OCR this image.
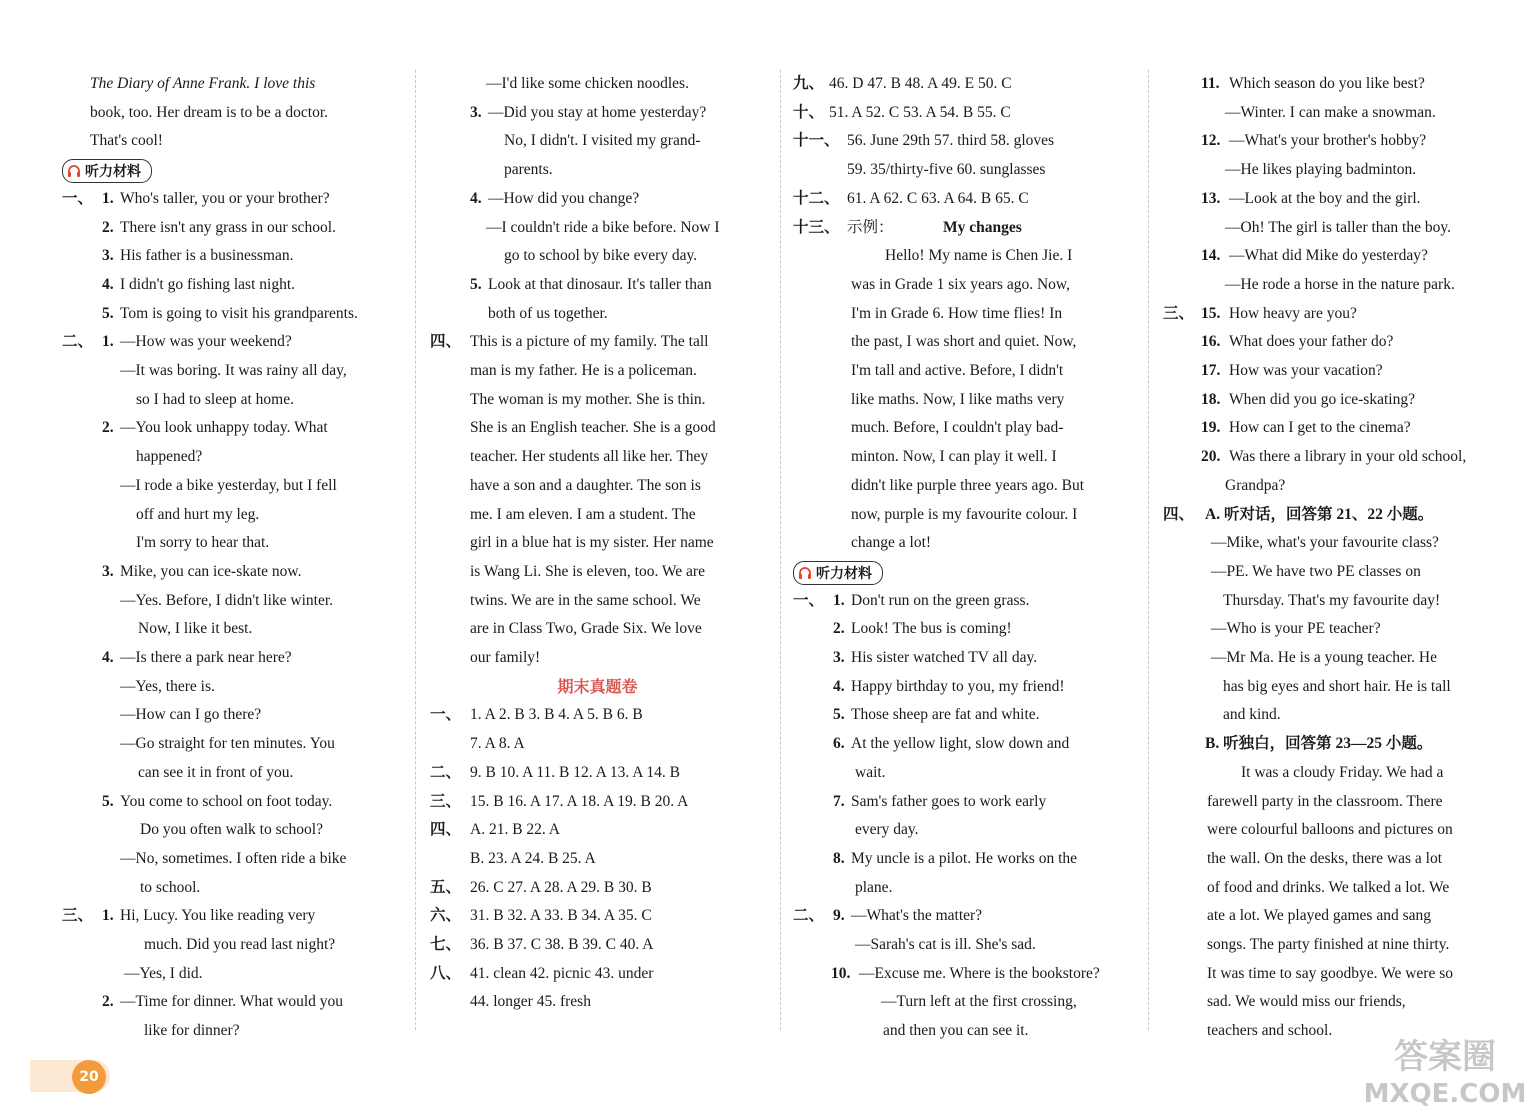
The Diary of Anne Frank. I love this
book, too. Her dream is to be a doctor.
That's cool!
听力材料
一、 1. Who's taller, you or your brother?
2. There isn't any grass in our school.
3. His father is a businessman.
4. I didn't go fishing last night.
5. Tom is going to visit his grandparents.
二、 1. —How was your weekend?
—It was boring. It was rainy all day,
so I had to sleep at home.
2. —You look unhappy today. What
happened?
—I rode a bike yesterday, but I fell
off and hurt my leg.
I'm sorry to hear that.
3. Mike, you can ice-skate now.
—Yes. Before, I didn't like winter.
Now, I like it best.
4. —Is there a park near here?
—Yes, there is.
—How can I go there?
—Go straight for ten minutes. You
can see it in front of you.
5. You come to school on foot today.
Do you often walk to school?
—No, sometimes. I often ride a bike
to school.
三、 1. Hi, Lucy. You like reading very
much. Did you read last night?
—Yes, I did.
2. —Time for dinner. What would you
like for dinner?
—I'd like some chicken noodles.
3. —Did you stay at home yesterday?
No, I didn't. I visited my grand-
parents.
4. —How did you change?
—I couldn't ride a bike before. Now I
go to school by bike every day.
5. Look at that dinosaur. It's taller than
both of us together.
四、 This is a picture of my family. The tall
man is my father. He is a policeman.
The woman is my mother. She is thin.
She is an English teacher. She is a good
teacher. Her students all like her. They
have a son and a daughter. The son is
me. I am eleven. I am a student. The
girl in a blue hat is my sister. Her name
is Wang Li. She is eleven, too. We are
twins. We are in the same school. We
are in Class Two, Grade Six. We love
our family!
期末真题卷
一、 1. A 2. B 3. B 4. A 5. B 6. B
7. A 8. A
二、 9. B 10. A 11. B 12. A 13. A 14. B
三、 15. B 16. A 17. A 18. A 19. B 20. A
四、 A. 21. B 22. A
B. 23. A 24. B 25. A
五、 26. C 27. A 28. A 29. B 30. B
六、 31. B 32. A 33. B 34. A 35. C
七、 36. B 37. C 38. B 39. C 40. A
八、 41. clean 42. picnic 43. under
44. longer 45. fresh
九、 46. D 47. B 48. A 49. E 50. C
十、 51. A 52. C 53. A 54. B 55. C
十一、 56. June 29th 57. third 58. gloves
59. 35/thirty-five 60. sunglasses
十二、 61. A 62. C 63. A 64. B 65. C
十三、 示例：	My changes
Hello! My name is Chen Jie. I
was in Grade 1 six years ago. Now,
I'm in Grade 6. How time flies! In
the past, I was short and quiet. Now,
I'm tall and active. Before, I didn't
like maths. Now, I like maths very
much. Before, I couldn't play bad-
minton. Now, I can play it well. I
didn't like purple three years ago. But
now, purple is my favourite colour. I
change a lot!
听力材料
一、 1. Don't run on the green grass.
2. Look! The bus is coming!
3. His sister watched TV all day.
4. Happy birthday to you, my friend!
5. Those sheep are fat and white.
6. At the yellow light, slow down and
wait.
7. Sam's father goes to work early
every day.
8. My uncle is a pilot. He works on the
plane.
二、 9. —What's the matter?
—Sarah's cat is ill. She's sad.
10. —Excuse me. Where is the bookstore?
—Turn left at the first crossing,
and then you can see it.
11. Which season do you like best?
—Winter. I can make a snowman.
12. —What's your brother's hobby?
—He likes playing badminton.
13. —Look at the boy and the girl.
—Oh! The girl is taller than the boy.
14. —What did Mike do yesterday?
—He rode a horse in the nature park.
三、 15. How heavy are you?
16. What does your father do?
17. How was your vacation?
18. When did you go ice-skating?
19. How can I get to the cinema?
20. Was there a library in your old school,
Grandpa?
四、 A. 听对话，回答第 21、22 小题。
—Mike, what's your favourite class?
—PE. We have two PE classes on
Thursday. That's my favourite day!
—Who is your PE teacher?
—Mr Ma. He is a young teacher. He
has big eyes and short hair. He is tall
and kind.
B. 听独白，回答第 23—25 小题。
It was a cloudy Friday. We had a
farewell party in the classroom. There
were colourful balloons and pictures on
the wall. On the desks, there was a lot
of food and drinks. We talked a lot. We
ate a lot. We played games and sang
songs. The party finished at nine thirty.
It was time to say goodbye. We were so
sad. We would miss our friends,
teachers and school.
20	答案圈
MXQE.COM
